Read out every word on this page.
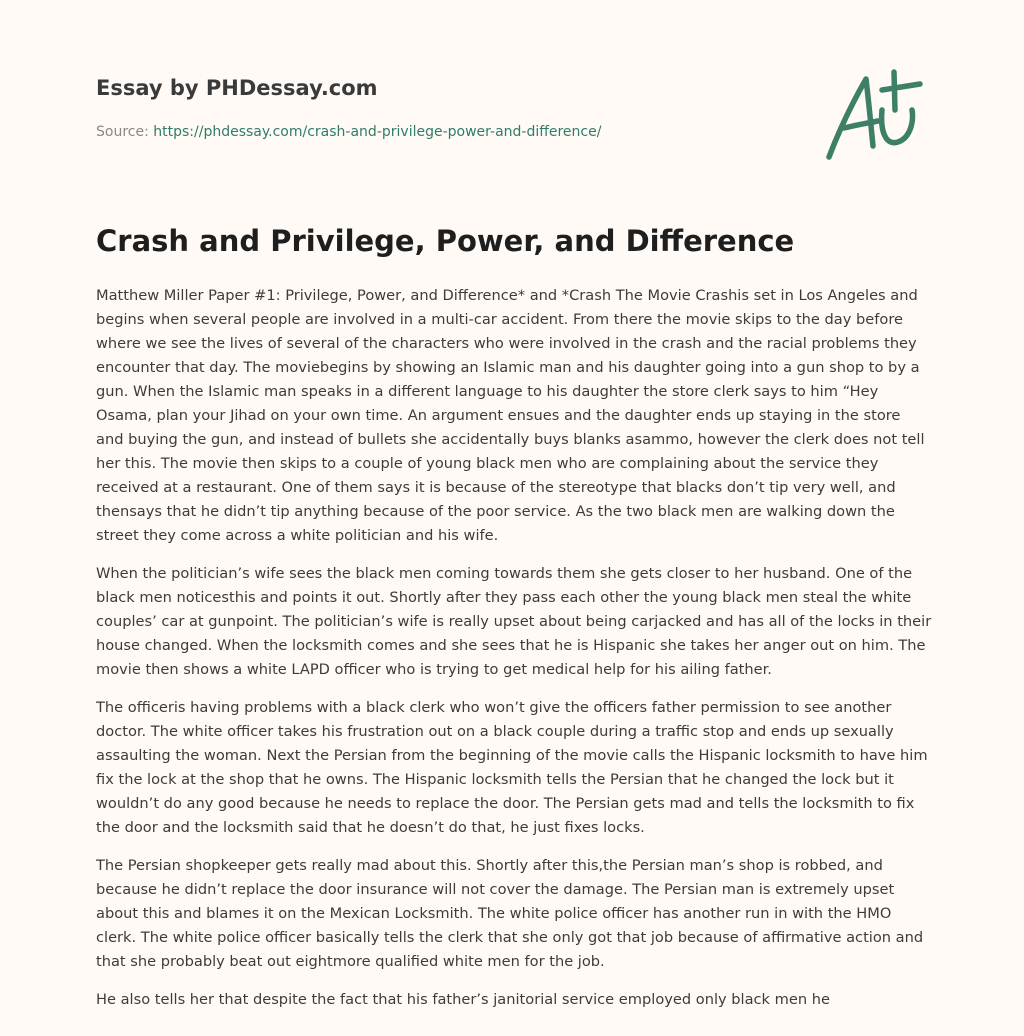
Essay by PHDessay.com
Source: https://phdessay.com/crash-and-privilege-power-and-difference/
Crash and Privilege, Power, and Difference

Matthew Miller Paper #1: Privilege, Power, and Difference* and *Crash The Movie Crashis set in Los Angeles and begins when several people are involved in a multi-car accident. From there the movie skips to the day before where we see the lives of several of the characters who were involved in the crash and the racial problems they encounter that day. The moviebegins by showing an Islamic man and his daughter going into a gun shop to by a gun. When the Islamic man speaks in a different language to his daughter the store clerk says to him “Hey Osama, plan your Jihad on your own time. An argument ensues and the daughter ends up staying in the store and buying the gun, and instead of bullets she accidentally buys blanks asammo, however the clerk does not tell her this. The movie then skips to a couple of young black men who are complaining about the service they received at a restaurant. One of them says it is because of the stereotype that blacks don’t tip very well, and thensays that he didn’t tip anything because of the poor service. As the two black men are walking down the street they come across a white politician and his wife.

When the politician’s wife sees the black men coming towards them she gets closer to her husband. One of the black men noticesthis and points it out. Shortly after they pass each other the young black men steal the white couples’ car at gunpoint. The politician’s wife is really upset about being carjacked and has all of the locks in their house changed. When the locksmith comes and she sees that he is Hispanic she takes her anger out on him. The movie then shows a white LAPD officer who is trying to get medical help for his ailing father.

The officeris having problems with a black clerk who won’t give the officers father permission to see another doctor. The white officer takes his frustration out on a black couple during a traffic stop and ends up sexually assaulting the woman. Next the Persian from the beginning of the movie calls the Hispanic locksmith to have him fix the lock at the shop that he owns. The Hispanic locksmith tells the Persian that he changed the lock but it wouldn’t do any good because he needs to replace the door. The Persian gets mad and tells the locksmith to fix the door and the locksmith said that he doesn’t do that, he just fixes locks.

The Persian shopkeeper gets really mad about this. Shortly after this,the Persian man’s shop is robbed, and because he didn’t replace the door insurance will not cover the damage. The Persian man is extremely upset about this and blames it on the Mexican Locksmith. The white police officer has another run in with the HMO clerk. The white police officer basically tells the clerk that she only got that job because of affirmative action and that she probably beat out eightmore qualified white men for the job.

He also tells her that despite the fact that his father’s janitorial service employed only black men he
